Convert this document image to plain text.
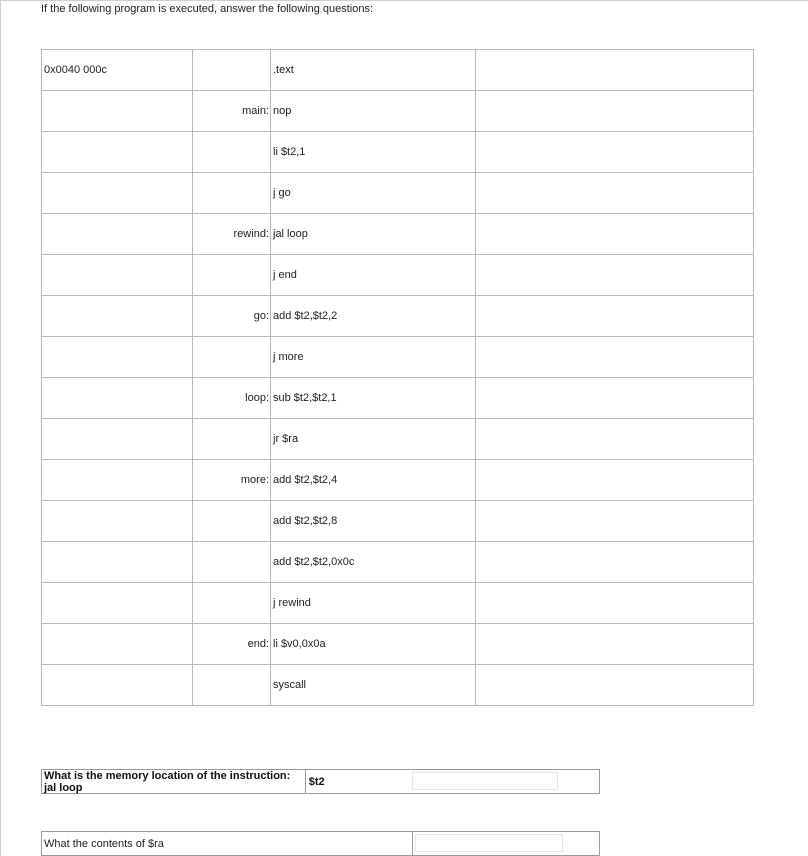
If the following program is executed, answer the following questions:
0x0040 000c		.text	
	main:	nop	
		li $t2,1	
		j go	
	rewind:	jal loop	
		j end	
	go:	add $t2,$t2,2	
		j more	
	loop:	sub $t2,$t2,1	
		jr $ra	
	more:	add $t2,$t2,4	
		add $t2,$t2,8	
		add $t2,$t2,0x0c	
		j rewind	
	end:	li $v0,0x0a	
		syscall	
What is the memory location of the instruction: jal loop	$t2
What the contents of $ra
